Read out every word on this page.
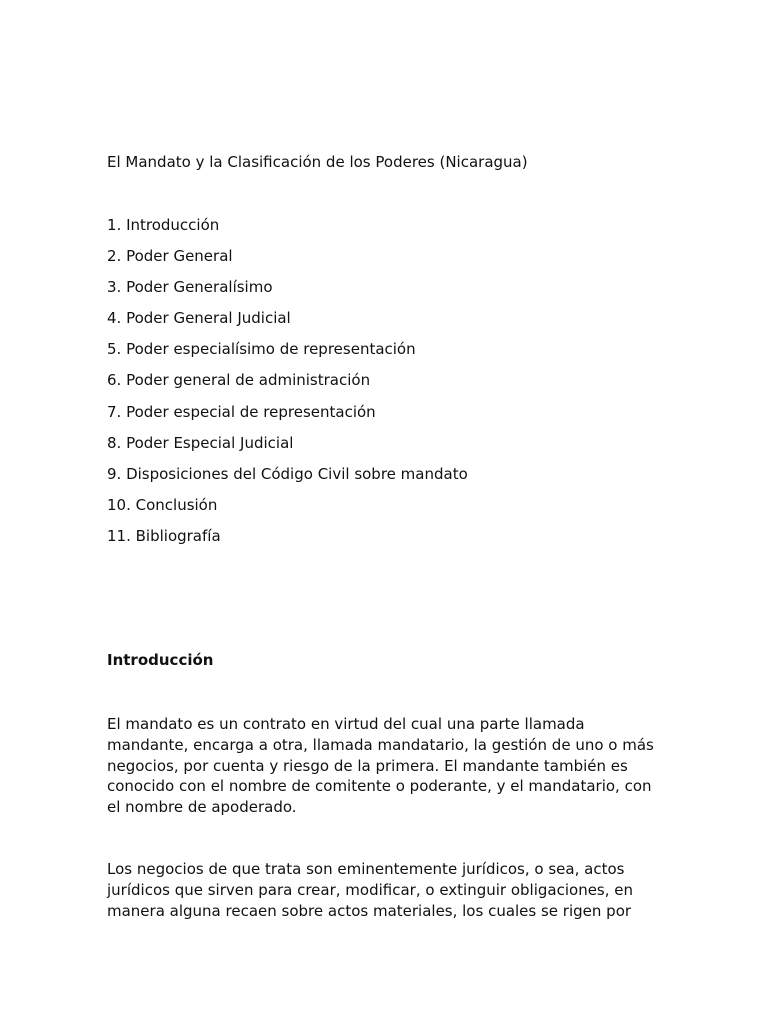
El Mandato y la Clasificación de los Poderes (Nicaragua)
1. Introducción
2. Poder General
3. Poder Generalísimo
4. Poder General Judicial
5. Poder especialísimo de representación
6. Poder general de administración
7. Poder especial de representación
8. Poder Especial Judicial
9. Disposiciones del Código Civil sobre mandato
10. Conclusión
11. Bibliografía
Introducción

El mandato es un contrato en virtud del cual una parte llamada mandante, encarga a otra, llamada mandatario, la gestión de uno o más negocios, por cuenta y riesgo de la primera. El mandante también es conocido con el nombre de comitente o poderante, y el mandatario, con el nombre de apoderado.

Los negocios de que trata son eminentemente jurídicos, o sea, actos jurídicos que sirven para crear, modificar, o extinguir obligaciones, en manera alguna recaen sobre actos materiales, los cuales se rigen por
